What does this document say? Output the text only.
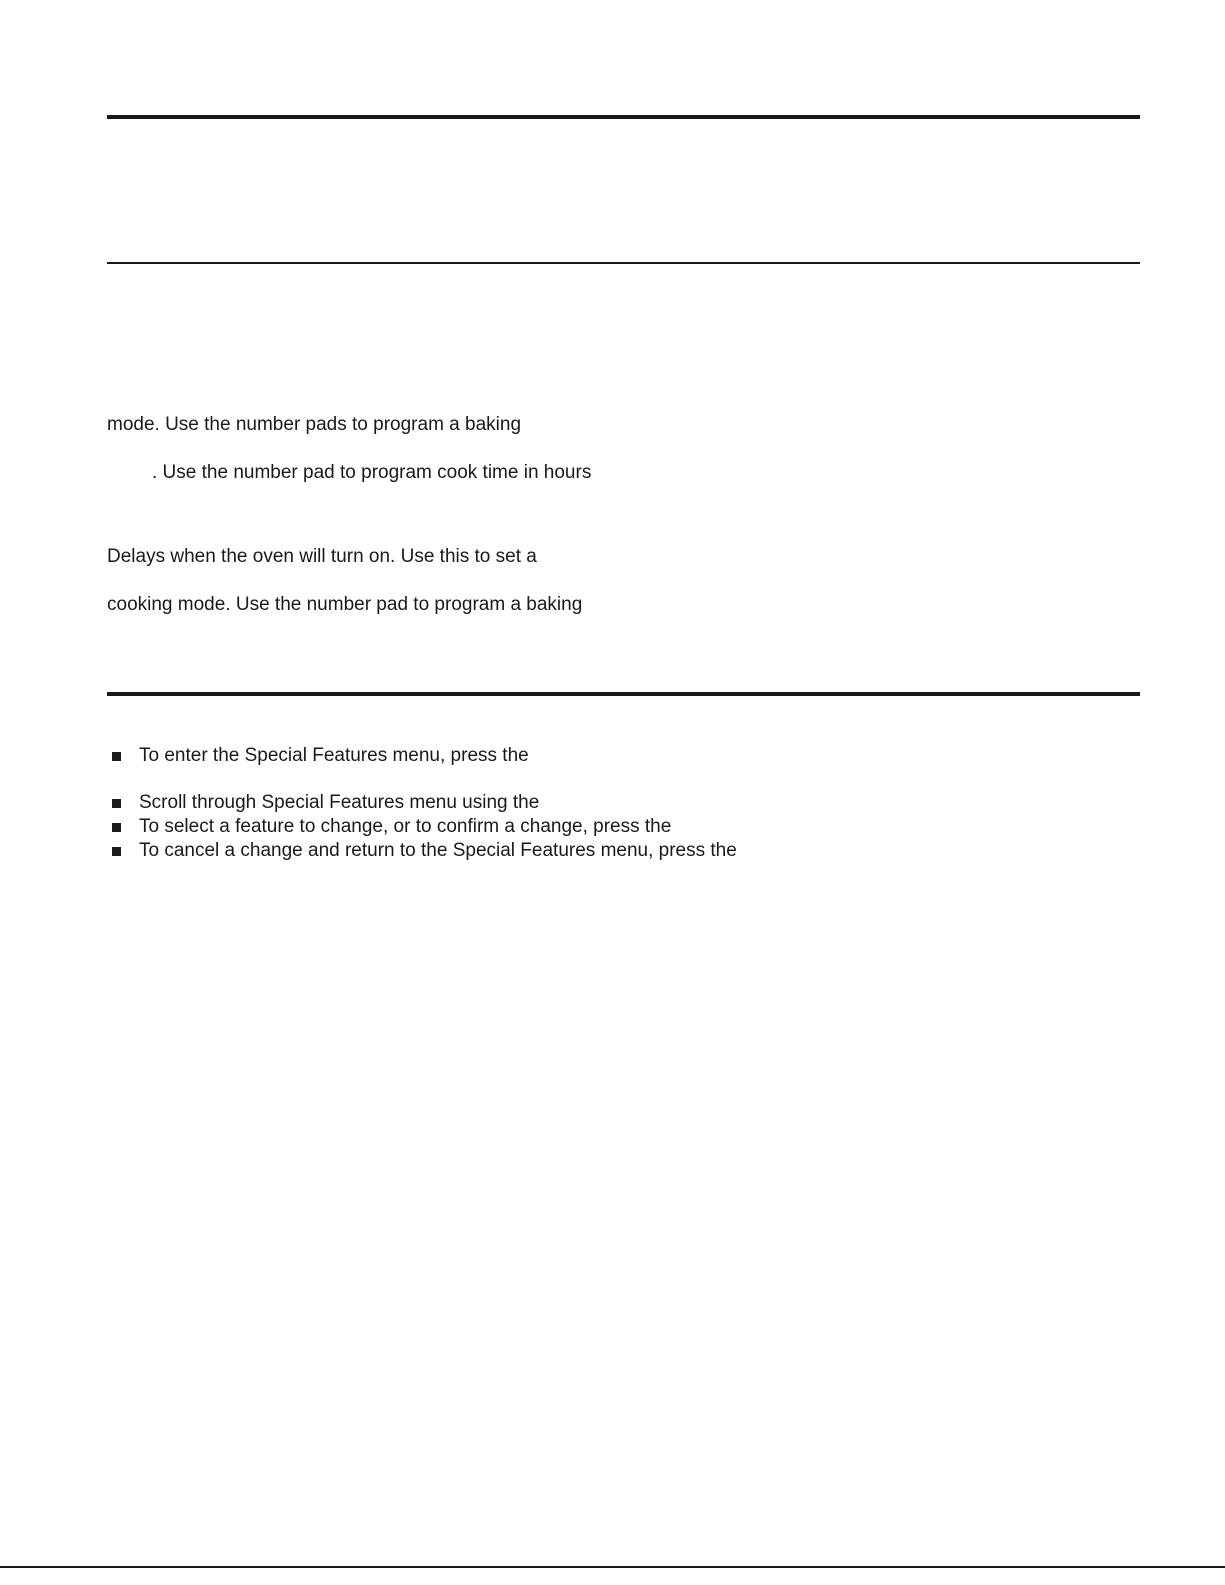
mode. Use the number pads to program a baking
. Use the number pad to program cook time in hours
Delays when the oven will turn on. Use this to set a
cooking mode. Use the number pad to program a baking
To enter the Special Features menu, press the
Scroll through Special Features menu using the
To select a feature to change, or to confirm a change, press the
To cancel a change and return to the Special Features menu, press the
